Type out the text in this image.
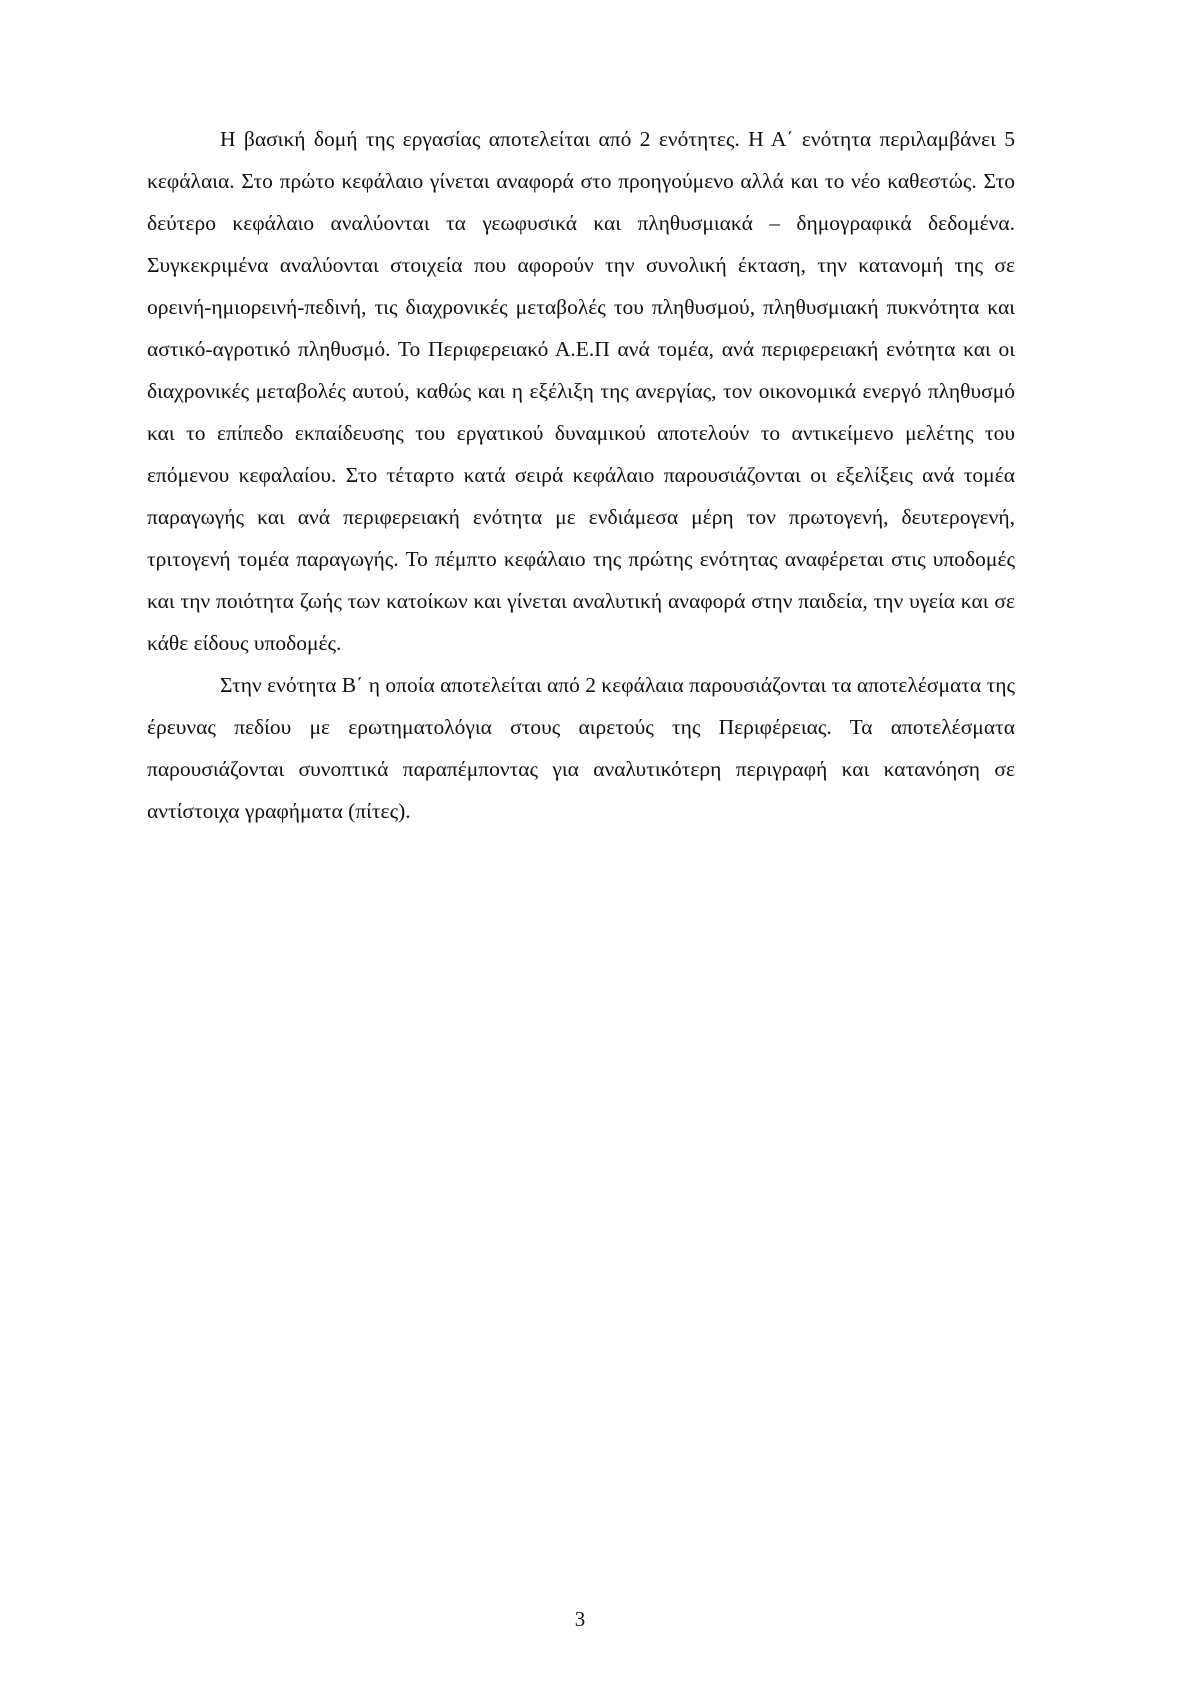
Η βασική δομή της εργασίας αποτελείται από 2 ενότητες. Η Α΄ ενότητα περιλαμβάνει 5 κεφάλαια. Στο πρώτο κεφάλαιο γίνεται αναφορά στο προηγούμενο αλλά και το νέο καθεστώς. Στο δεύτερο κεφάλαιο αναλύονται τα γεωφυσικά και πληθυσμιακά – δημογραφικά δεδομένα. Συγκεκριμένα αναλύονται στοιχεία που αφορούν την συνολική έκταση, την κατανομή της σε ορεινή-ημιορεινή-πεδινή, τις διαχρονικές μεταβολές του πληθυσμού, πληθυσμιακή πυκνότητα και αστικό-αγροτικό πληθυσμό. Το Περιφερειακό Α.Ε.Π ανά τομέα, ανά περιφερειακή ενότητα και οι διαχρονικές μεταβολές αυτού, καθώς και η εξέλιξη της ανεργίας, τον οικονομικά ενεργό πληθυσμό και το επίπεδο εκπαίδευσης του εργατικού δυναμικού αποτελούν το αντικείμενο μελέτης του επόμενου κεφαλαίου. Στο τέταρτο κατά σειρά κεφάλαιο παρουσιάζονται οι εξελίξεις ανά τομέα παραγωγής και ανά περιφερειακή ενότητα με ενδιάμεσα μέρη τον πρωτογενή, δευτερογενή, τριτογενή τομέα παραγωγής. Το πέμπτο κεφάλαιο της πρώτης ενότητας αναφέρεται στις υποδομές και την ποιότητα ζωής των κατοίκων και γίνεται αναλυτική αναφορά στην παιδεία, την υγεία και σε κάθε είδους υποδομές.

Στην ενότητα Β΄ η οποία αποτελείται από 2 κεφάλαια παρουσιάζονται τα αποτελέσματα της έρευνας πεδίου με ερωτηματολόγια στους αιρετούς της Περιφέρειας. Τα αποτελέσματα παρουσιάζονται συνοπτικά παραπέμποντας για αναλυτικότερη περιγραφή και κατανόηση σε αντίστοιχα γραφήματα (πίτες).

3
